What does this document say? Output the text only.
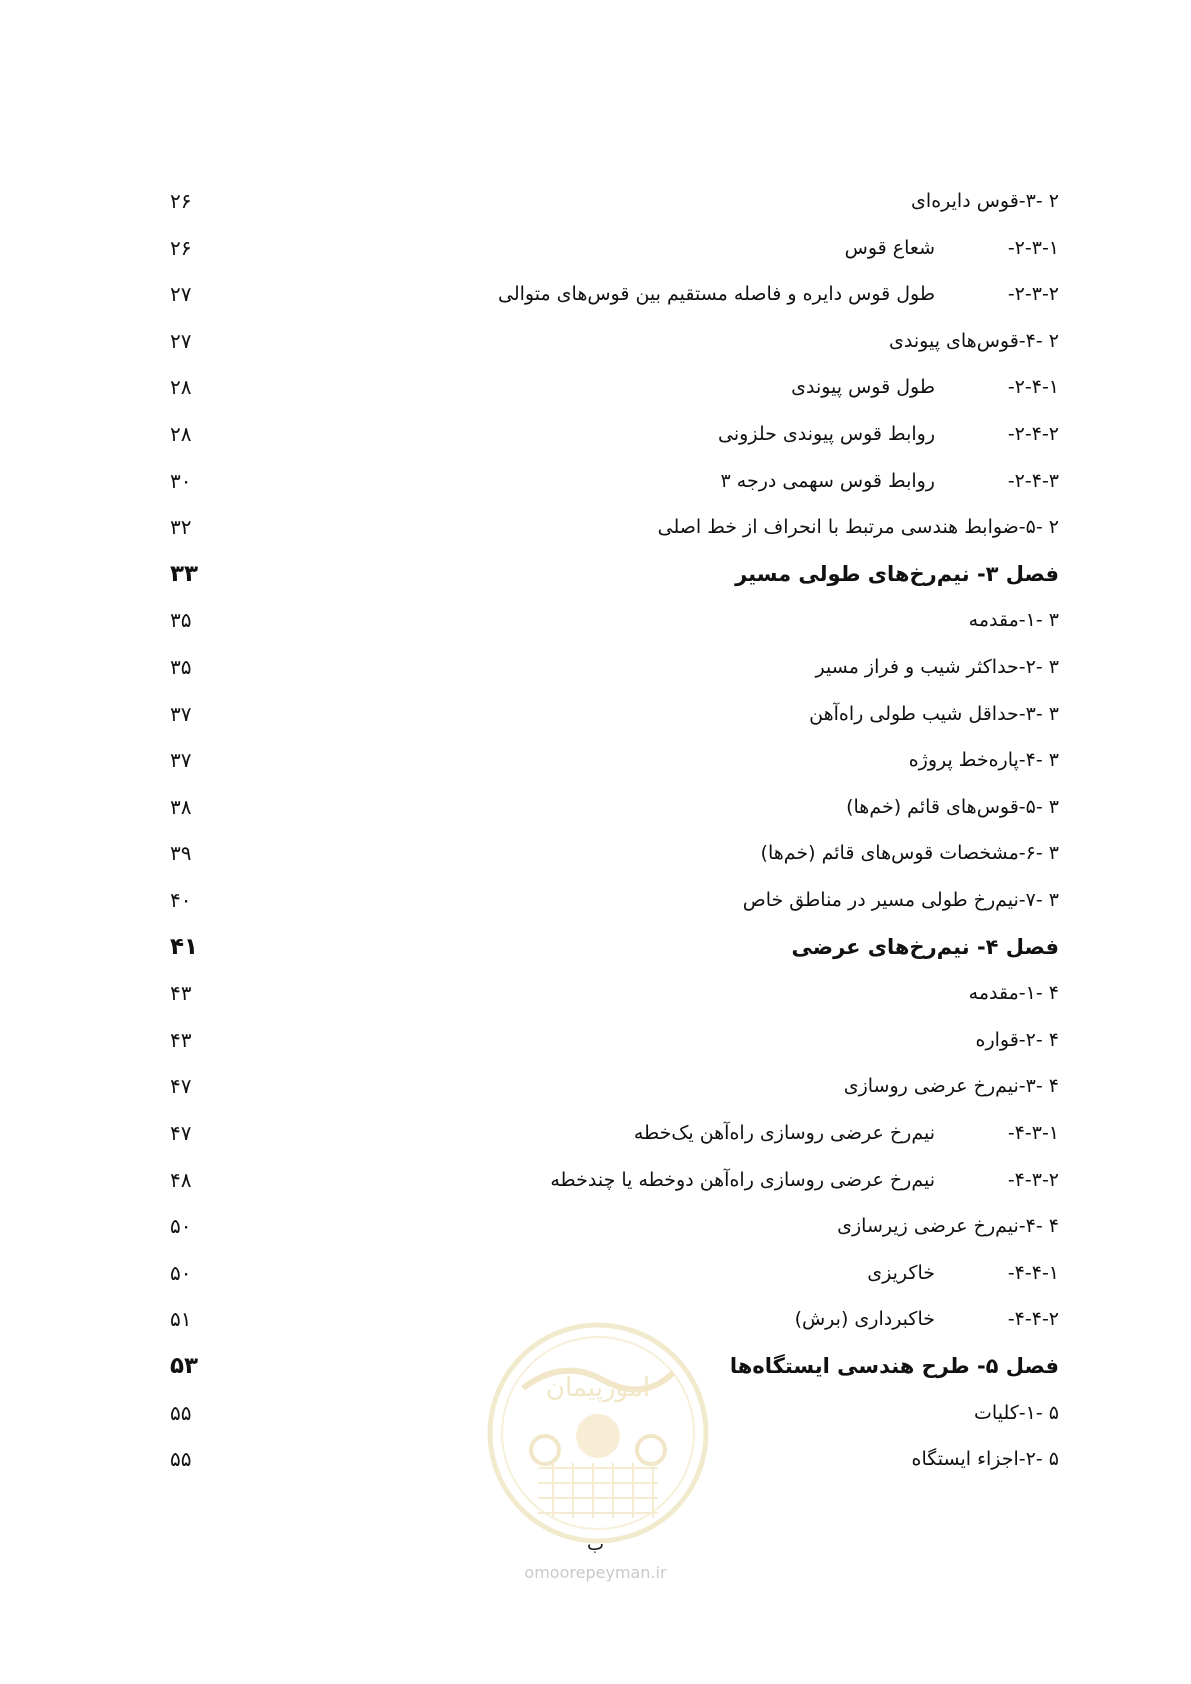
امورپیمان
۲ -۳-قوس دایره‌ای
۲۶
۲-۳-۱-
شعاع قوس
۲۶
۲-۳-۲-
طول قوس دایره و فاصله مستقیم بین قوس‌های متوالی
۲۷
۲ -۴-قوس‌های پیوندی
۲۷
۲-۴-۱-
طول قوس پیوندی
۲۸
۲-۴-۲-
روابط قوس پیوندی حلزونی
۲۸
۲-۴-۳-
روابط قوس سهمی درجه ۳
۳۰
۲ -۵-ضوابط هندسی مرتبط با انحراف از خط اصلی
۳۲
فصل ۳- نیم‌رخ‌های طولی مسیر
۳۳
۳ -۱-مقدمه
۳۵
۳ -۲-حداکثر شیب و فراز مسیر
۳۵
۳ -۳-حداقل شیب طولی راه‌آهن
۳۷
۳ -۴-پاره‌خط پروژه
۳۷
۳ -۵-قوس‌های قائم (خم‌ها)
۳۸
۳ -۶-مشخصات قوس‌های قائم (خم‌ها)
۳۹
۳ -۷-نیم‌رخ طولی مسیر در مناطق خاص
۴۰
فصل ۴- نیم‌رخ‌های عرضی
۴۱
۴ -۱-مقدمه
۴۳
۴ -۲-قواره
۴۳
۴ -۳-نیم‌رخ عرضی روسازی
۴۷
۴-۳-۱-
نیم‌رخ عرضی روسازی راه‌آهن یک‌خطه
۴۷
۴-۳-۲-
نیم‌رخ عرضی روسازی راه‌آهن دوخطه یا چندخطه
۴۸
۴ -۴-نیم‌رخ عرضی زیرسازی
۵۰
۴-۴-۱-
خاکریزی
۵۰
۴-۴-۲-
خاکبرداری (برش)
۵۱
فصل ۵- طرح هندسی ایستگاه‌ها
۵۳
۵ -۱-کلیات
۵۵
۵ -۲-اجزاء ایستگاه
۵۵
ب
omoorepeyman.ir
